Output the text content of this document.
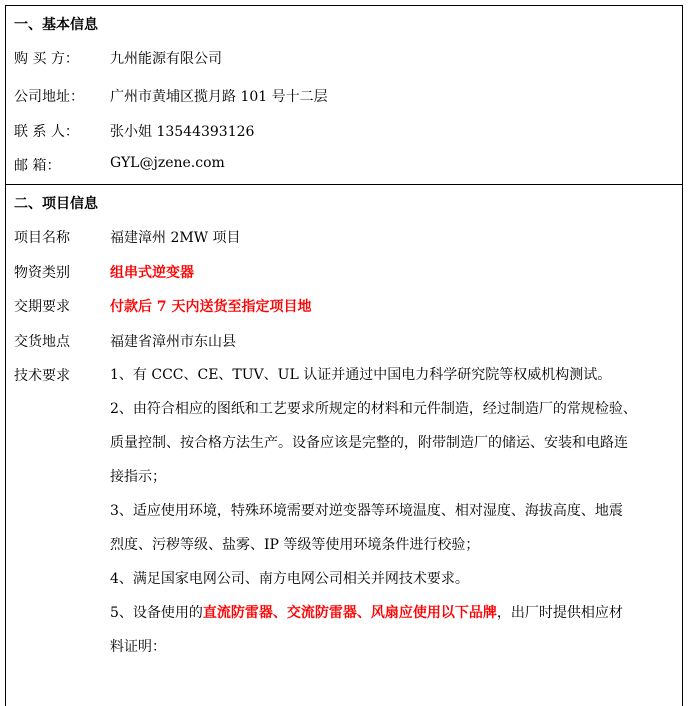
一、基本信息
购 买 方：	九州能源有限公司
公司地址：	广州市黄埔区揽月路 101 号十二层
联 系 人：	张小姐 13544393126
邮 箱：	GYL@jzene.com
二、项目信息
项目名称	福建漳州 2MW 项目
物资类别	组串式逆变器
交期要求	付款后 7 天内送货至指定项目地
交货地点	福建省漳州市东山县
技术要求	1、有 CCC、CE、TUV、UL 认证并通过中国电力科学研究院等权威机构测试。
2、由符合相应的图纸和工艺要求所规定的材料和元件制造，经过制造厂的常规检验、
质量控制、按合格方法生产。设备应该是完整的，附带制造厂的储运、安装和电路连
接指示；
3、适应使用环境，特殊环境需要对逆变器等环境温度、相对湿度、海拔高度、地震
烈度、污秽等级、盐雾、IP 等级等使用环境条件进行校验；
4、满足国家电网公司、南方电网公司相关并网技术要求。
5、设备使用的直流防雷器、交流防雷器、风扇应使用以下品牌，出厂时提供相应材
料证明：
